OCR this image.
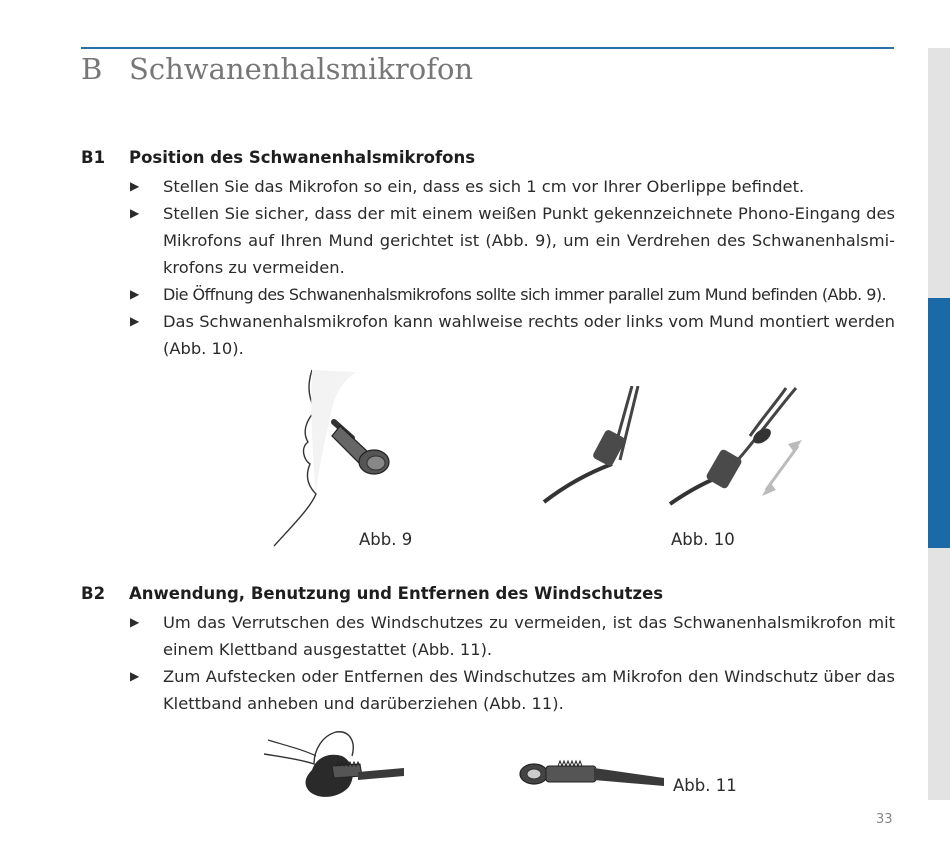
B Schwanenhalsmikrofon
B1 Position des Schwanenhalsmikrofons
▶ Stellen Sie das Mikrofon so ein, dass es sich 1 cm vor Ihrer Oberlippe befindet.
▶ Stellen Sie sicher, dass der mit einem weißen Punkt gekennzeichnete Phono-Eingang des Mikrofons auf Ihren Mund gerichtet ist (Abb. 9), um ein Verdrehen des Schwanenhalsmikrofons zu vermeiden.
▶ Die Öffnung des Schwanenhalsmikrofons sollte sich immer parallel zum Mund befinden (Abb. 9).
▶ Das Schwanenhalsmikrofon kann wahlweise rechts oder links vom Mund montiert werden (Abb. 10).
Abb. 9	Abb. 10
B2 Anwendung, Benutzung und Entfernen des Windschutzes
▶ Um das Verrutschen des Windschutzes zu vermeiden, ist das Schwanenhalsmikrofon mit einem Klettband ausgestattet (Abb. 11).
▶ Zum Aufstecken oder Entfernen des Windschutzes am Mikrofon den Windschutz über das Klettband anheben und darüberziehen (Abb. 11).
Abb. 11
33
